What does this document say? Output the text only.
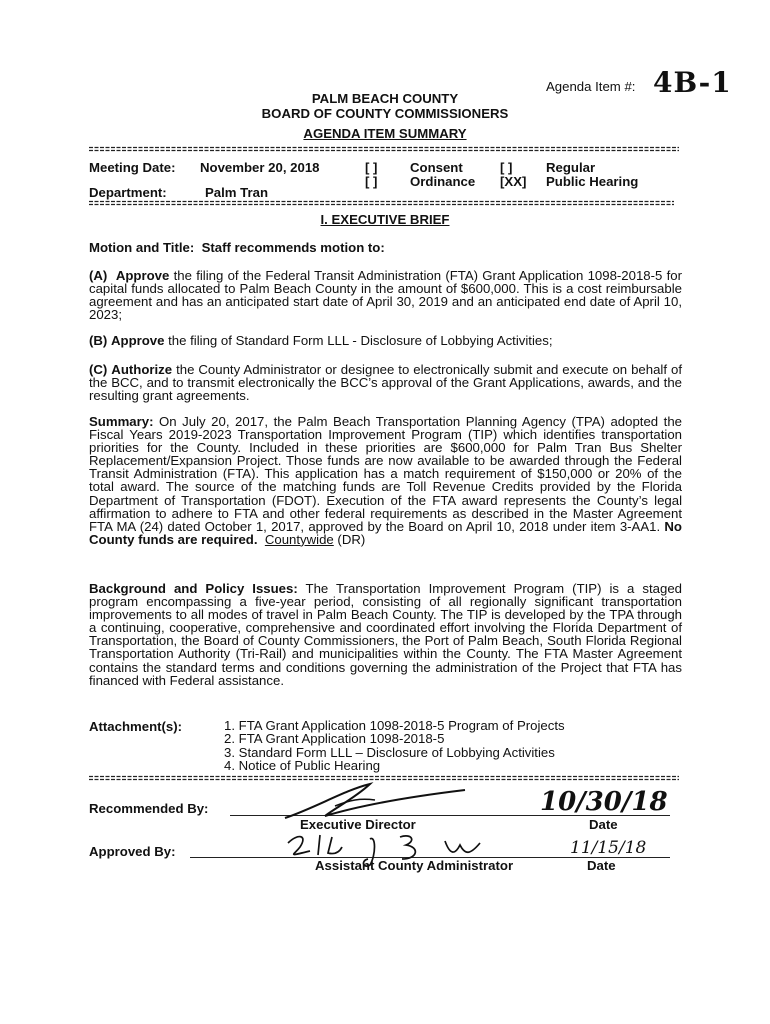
Agenda Item #: 4B-1
PALM BEACH COUNTY
BOARD OF COUNTY COMMISSIONERS
AGENDA ITEM SUMMARY
Meeting Date: November 20, 2018	[ ] Consent	[ ]	Regular
[ ] Ordinance [XX] Public Hearing
Department:	Palm Tran
I. EXECUTIVE BRIEF
Motion and Title: Staff recommends motion to:

(A) Approve the filing of the Federal Transit Administration (FTA) Grant Application 1098-2018-5 for capital funds allocated to Palm Beach County in the amount of $600,000. This is a cost reimbursable agreement and has an anticipated start date of April 30, 2019 and an anticipated end date of April 10, 2023;

(B) Approve the filing of Standard Form LLL - Disclosure of Lobbying Activities;

(C) Authorize the County Administrator or designee to electronically submit and execute on behalf of the BCC, and to transmit electronically the BCC’s approval of the Grant Applications, awards, and the resulting grant agreements.

Summary: On July 20, 2017, the Palm Beach Transportation Planning Agency (TPA) adopted the Fiscal Years 2019-2023 Transportation Improvement Program (TIP) which identifies transportation priorities for the County. Included in these priorities are $600,000 for Palm Tran Bus Shelter Replacement/Expansion Project. Those funds are now available to be awarded through the Federal Transit Administration (FTA). This application has a match requirement of $150,000 or 20% of the total award. The source of the matching funds are Toll Revenue Credits provided by the Florida Department of Transportation (FDOT). Execution of the FTA award represents the County’s legal affirmation to adhere to FTA and other federal requirements as described in the Master Agreement FTA MA (24) dated October 1, 2017, approved by the Board on April 10, 2018 under item 3-AA1. No County funds are required. Countywide (DR)

Background and Policy Issues: The Transportation Improvement Program (TIP) is a staged program encompassing a five-year period, consisting of all regionally significant transportation improvements to all modes of travel in Palm Beach County. The TIP is developed by the TPA through a continuing, cooperative, comprehensive and coordinated effort involving the Florida Department of Transportation, the Board of County Commissioners, the Port of Palm Beach, South Florida Regional Transportation Authority (Tri-Rail) and municipalities within the County. The FTA Master Agreement contains the standard terms and conditions governing the administration of the Project that FTA has financed with Federal assistance.

Attachment(s):	1. FTA Grant Application 1098-2018-5 Program of Projects
2. FTA Grant Application 1098-2018-5
3. Standard Form LLL – Disclosure of Lobbying Activities
4. Notice of Public Hearing
Recommended By:
Executive Director
10/30/18
Date
Approved By:
Assistant County Administrator
11/15/18
Date
